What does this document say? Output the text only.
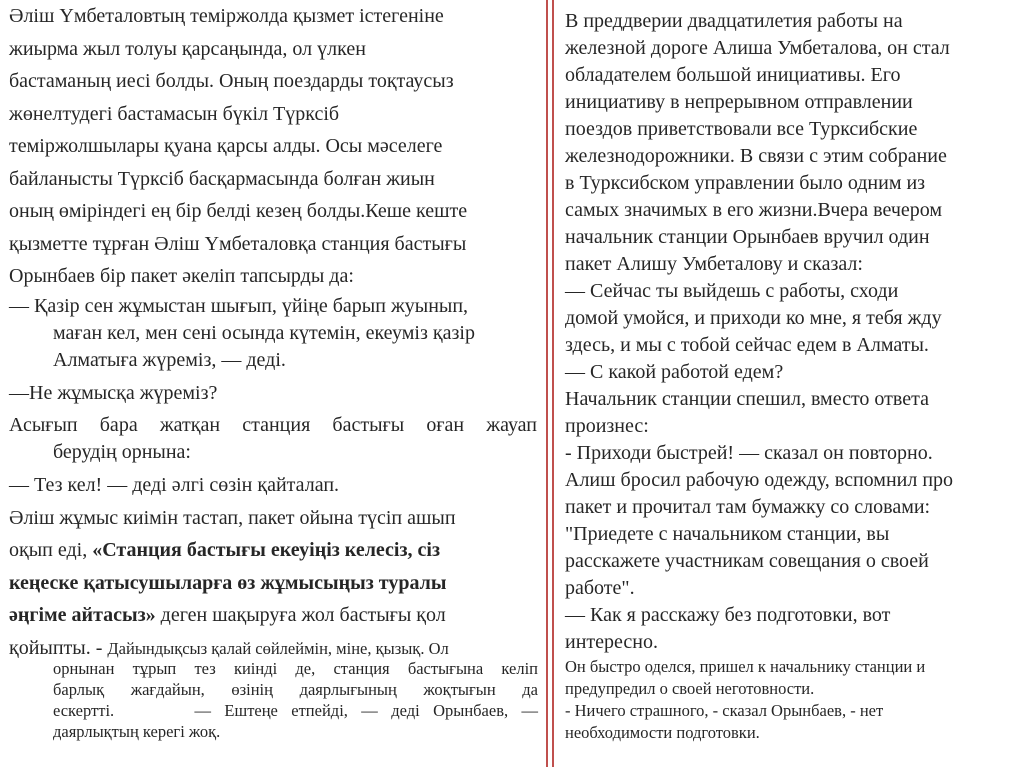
Әліш Үмбеталовтың теміржолда қызмет істегеніне
жиырма жыл толуы қарсаңында, ол үлкен
бастаманың иесі болды. Оның поездарды тоқтаусыз
жөнелтудегі бастамасын бүкіл Түрксіб
теміржолшылары қуана қарсы алды. Осы мәселеге
байланысты Түрксіб басқармасында болған жиын
оның өміріндегі ең бір белді кезең болды.Кеше кеште
қызметте тұрған Әліш Үмбеталовқа станция бастығы
Орынбаев бір пакет әкеліп тапсырды да:
— Қазір сен жұмыстан шығып, үйіңе барып жуынып,
маған кел, мен сені осында күтемін, екеуміз қазір
Алматыға жүреміз, — деді.
—Не жұмысқа жүреміз?
Асығып бара жатқан станция бастығы оған жауап
берудің орнына:
— Тез кел! — деді әлгі сөзін қайталап.
Әліш жұмыс киімін тастап, пакет ойына түсіп ашып
оқып еді, «Станция бастығы екеуіңіз келесіз, сіз
кеңеске қатысушыларға өз жұмысыңыз туралы
әңгіме айтасыз» деген шақыруға жол бастығы қол
қойыпты. - Дайындықсыз қалай сөйлеймін, міне, қызық. Ол
орнынан тұрып тез киінді де, станция бастығына келіп
барлық жағдайын, өзінің даярлығының жоқтығын да
ескертті.      — Ештеңе етпейді, — деді Орынбаев, —
даярлықтың керегі жоқ.
В преддверии двадцатилетия работы на
железной дороге Алиша Умбеталова, он стал
обладателем большой инициативы. Его
инициативу в непрерывном отправлении
поездов приветствовали все Турксибские
железнодорожники. В связи с этим собрание
в Турксибском управлении было одним из
самых значимых в его жизни.Вчера вечером
начальник станции Орынбаев вручил один
пакет Алишу Умбеталову и сказал:
— Сейчас ты выйдешь с работы, сходи
домой умойся, и приходи ко мне, я тебя жду
здесь, и мы с тобой сейчас едем в Алматы.
— С какой работой едем?
Начальник станции спешил, вместо ответа
произнес:
- Приходи быстрей! — сказал он повторно.
Алиш бросил рабочую одежду, вспомнил про
пакет и прочитал там бумажку со словами:
"Приедете с начальником станции, вы
расскажете участникам совещания о своей
работе".
— Как я расскажу без подготовки, вот
интересно.
Он быстро оделся, пришел к начальнику станции и
предупредил о своей неготовности.
- Ничего страшного, - сказал Орынбаев, - нет
необходимости подготовки.
